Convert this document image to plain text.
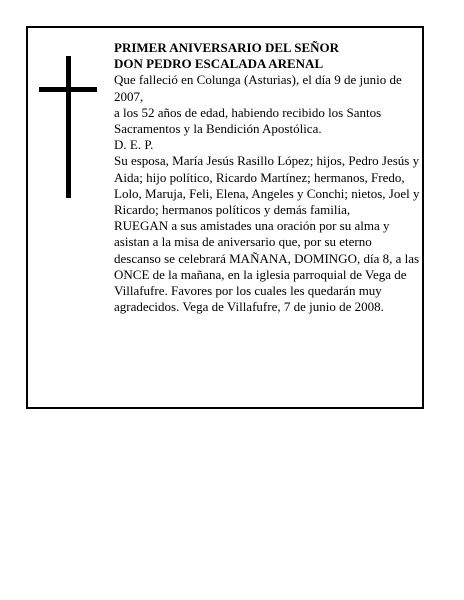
PRIMER ANIVERSARIO DEL SEÑOR

DON PEDRO ESCALADA ARENAL

Que falleció en Colunga (Asturias), el día 9 de junio de 2007,

a los 52 años de edad, habiendo recibido los Santos Sacramentos y la Bendición Apostólica.

D. E. P.

Su esposa, María Jesús Rasillo López; hijos, Pedro Jesús y Aida; hijo político, Ricardo Martínez; hermanos, Fredo, Lolo, Maruja, Feli, Elena, Angeles y Conchi; nietos, Joel y Ricardo; hermanos políticos y demás familia,

RUEGAN a sus amistades una oración por su alma y asistan a la misa de aniversario que, por su eterno descanso se celebrará MAÑANA, DOMINGO, día 8, a las ONCE de la mañana, en la iglesia parroquial de Vega de Villafufre. Favores por los cuales les quedarán muy agradecidos. Vega de Villafufre, 7 de junio de 2008.
